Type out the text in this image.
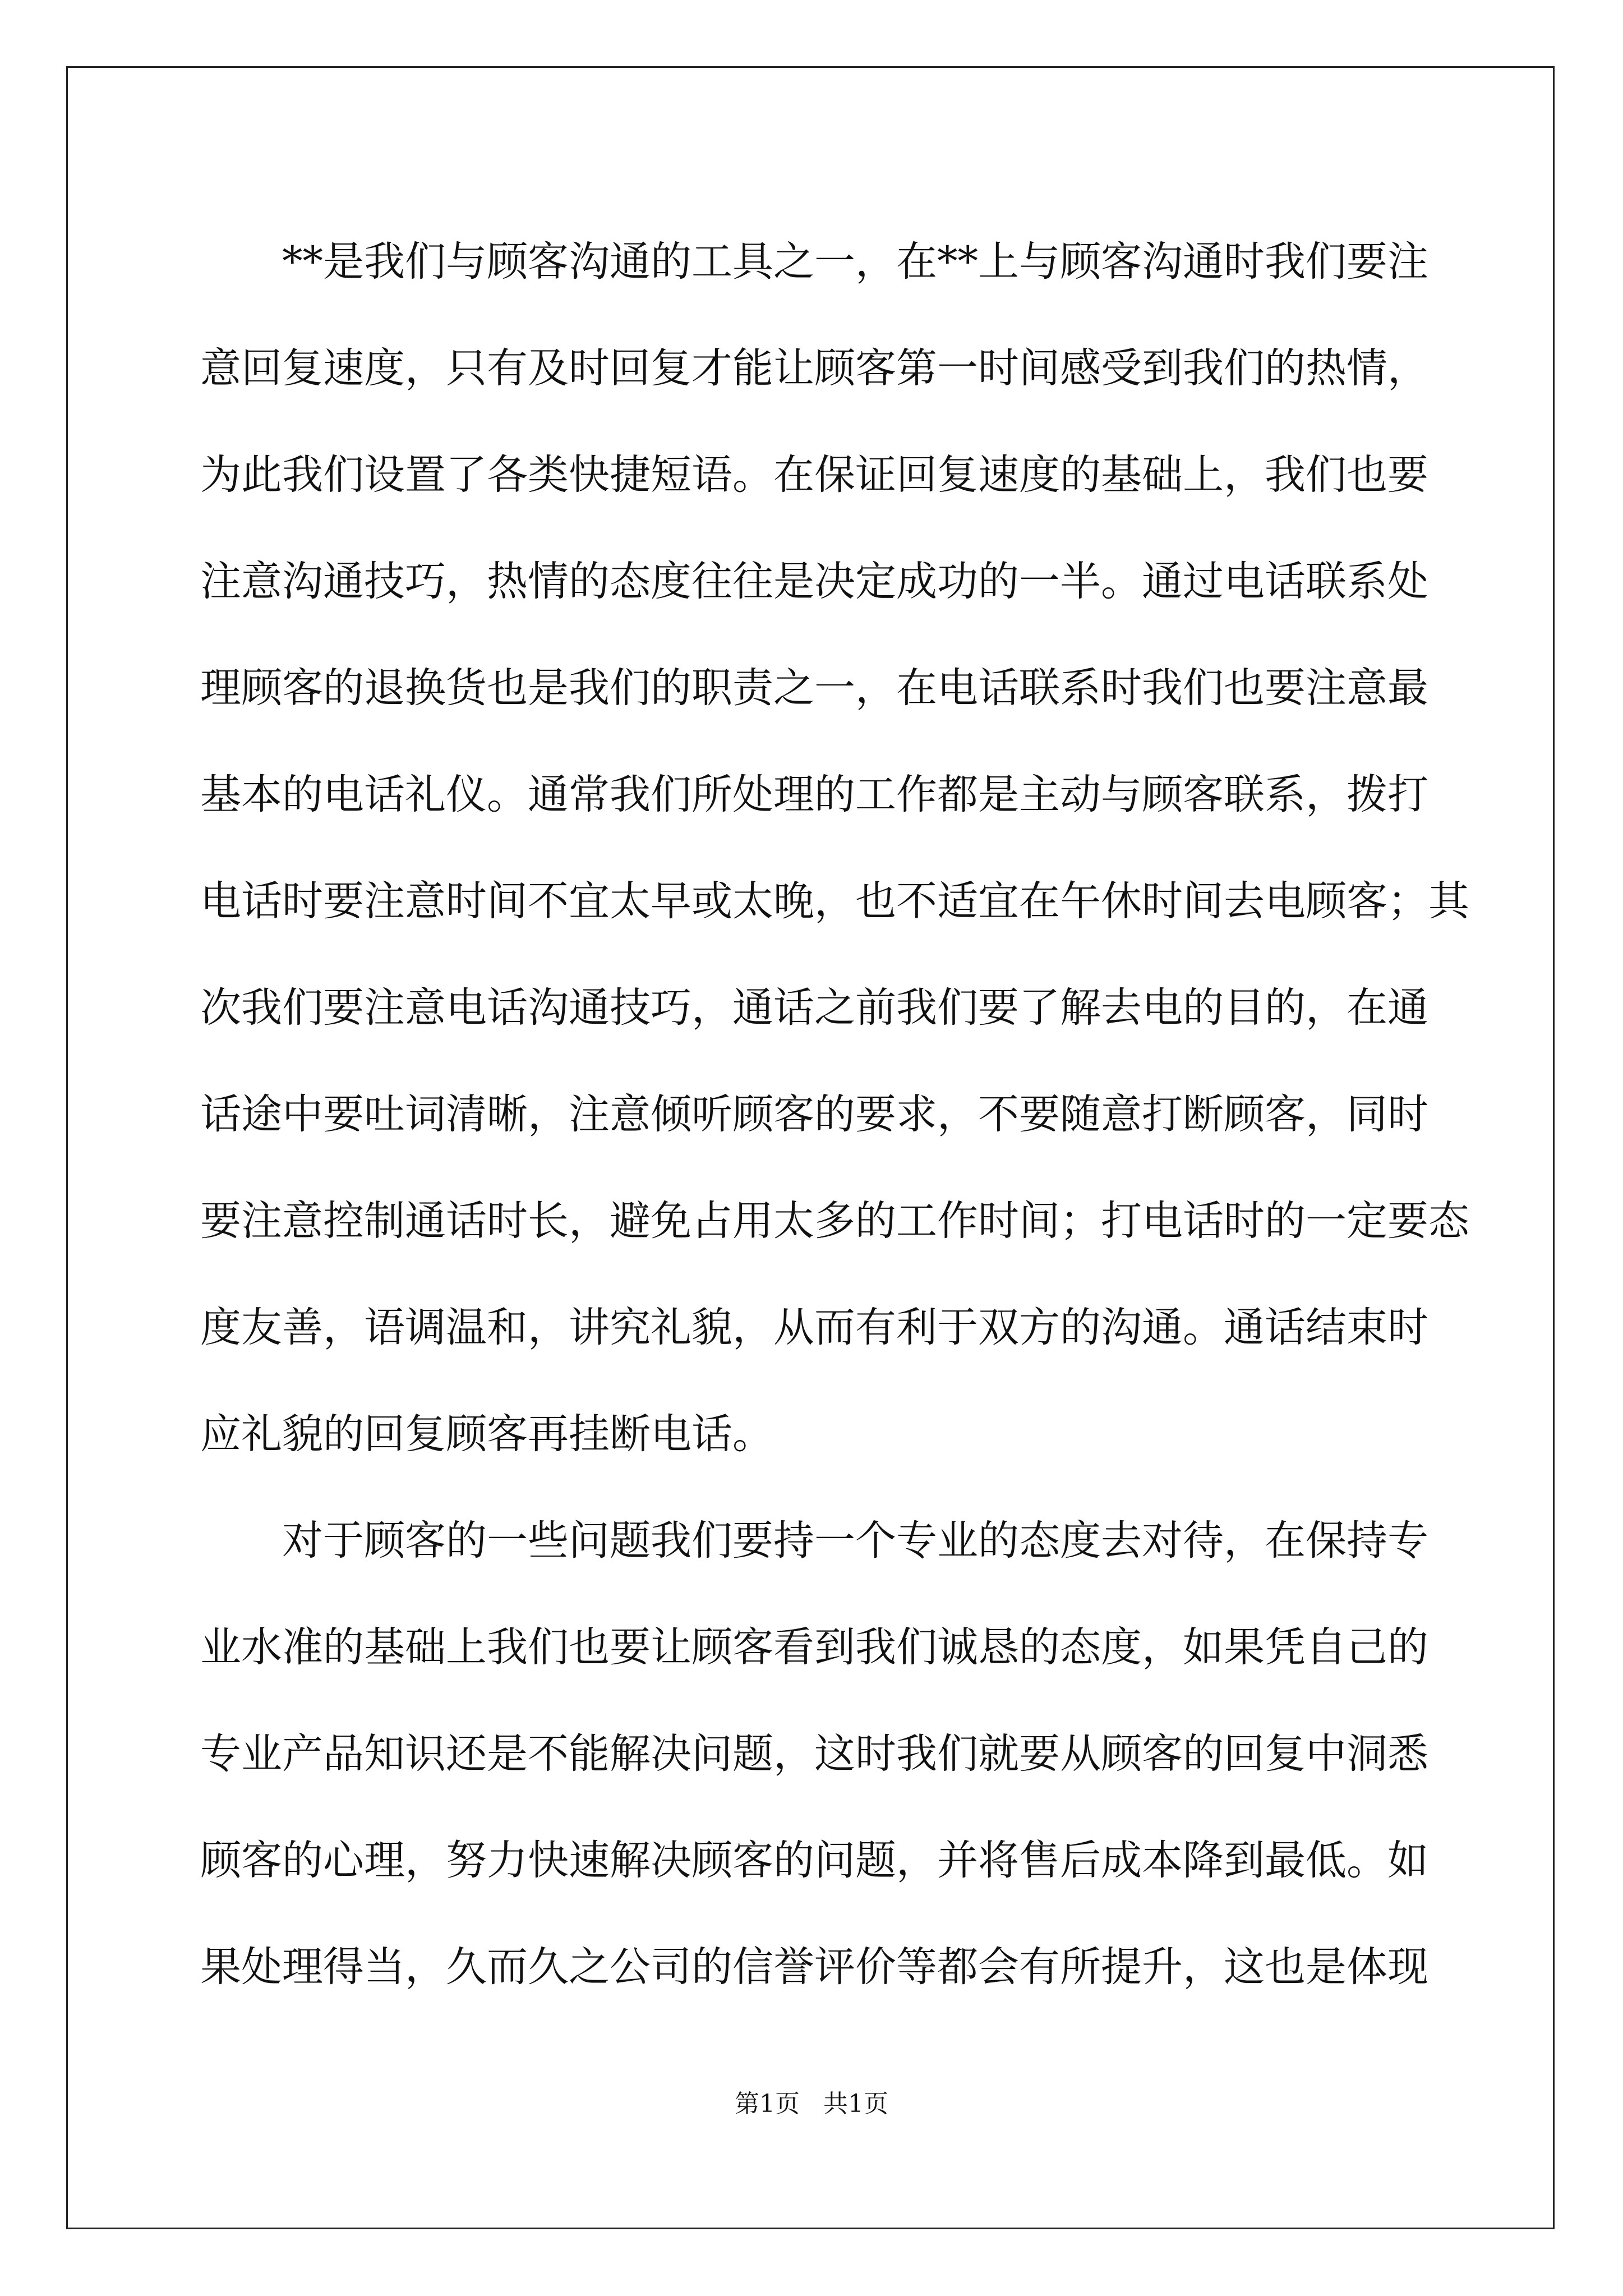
**是我们与顾客沟通的工具之一，在**上与顾客沟通时我们要注
意回复速度，只有及时回复才能让顾客第一时间感受到我们的热情，
为此我们设置了各类快捷短语。在保证回复速度的基础上，我们也要
注意沟通技巧，热情的态度往往是决定成功的一半。通过电话联系处
理顾客的退换货也是我们的职责之一，在电话联系时我们也要注意最
基本的电话礼仪。通常我们所处理的工作都是主动与顾客联系，拨打
电话时要注意时间不宜太早或太晚，也不适宜在午休时间去电顾客；其
次我们要注意电话沟通技巧，通话之前我们要了解去电的目的，在通
话途中要吐词清晰，注意倾听顾客的要求，不要随意打断顾客，同时
要注意控制通话时长，避免占用太多的工作时间；打电话时的一定要态
度友善，语调温和，讲究礼貌，从而有利于双方的沟通。通话结束时
应礼貌的回复顾客再挂断电话。
对于顾客的一些问题我们要持一个专业的态度去对待，在保持专
业水准的基础上我们也要让顾客看到我们诚恳的态度，如果凭自己的
专业产品知识还是不能解决问题，这时我们就要从顾客的回复中洞悉
顾客的心理，努力快速解决顾客的问题，并将售后成本降到最低。如
果处理得当，久而久之公司的信誉评价等都会有所提升，这也是体现
第1页   共1页
